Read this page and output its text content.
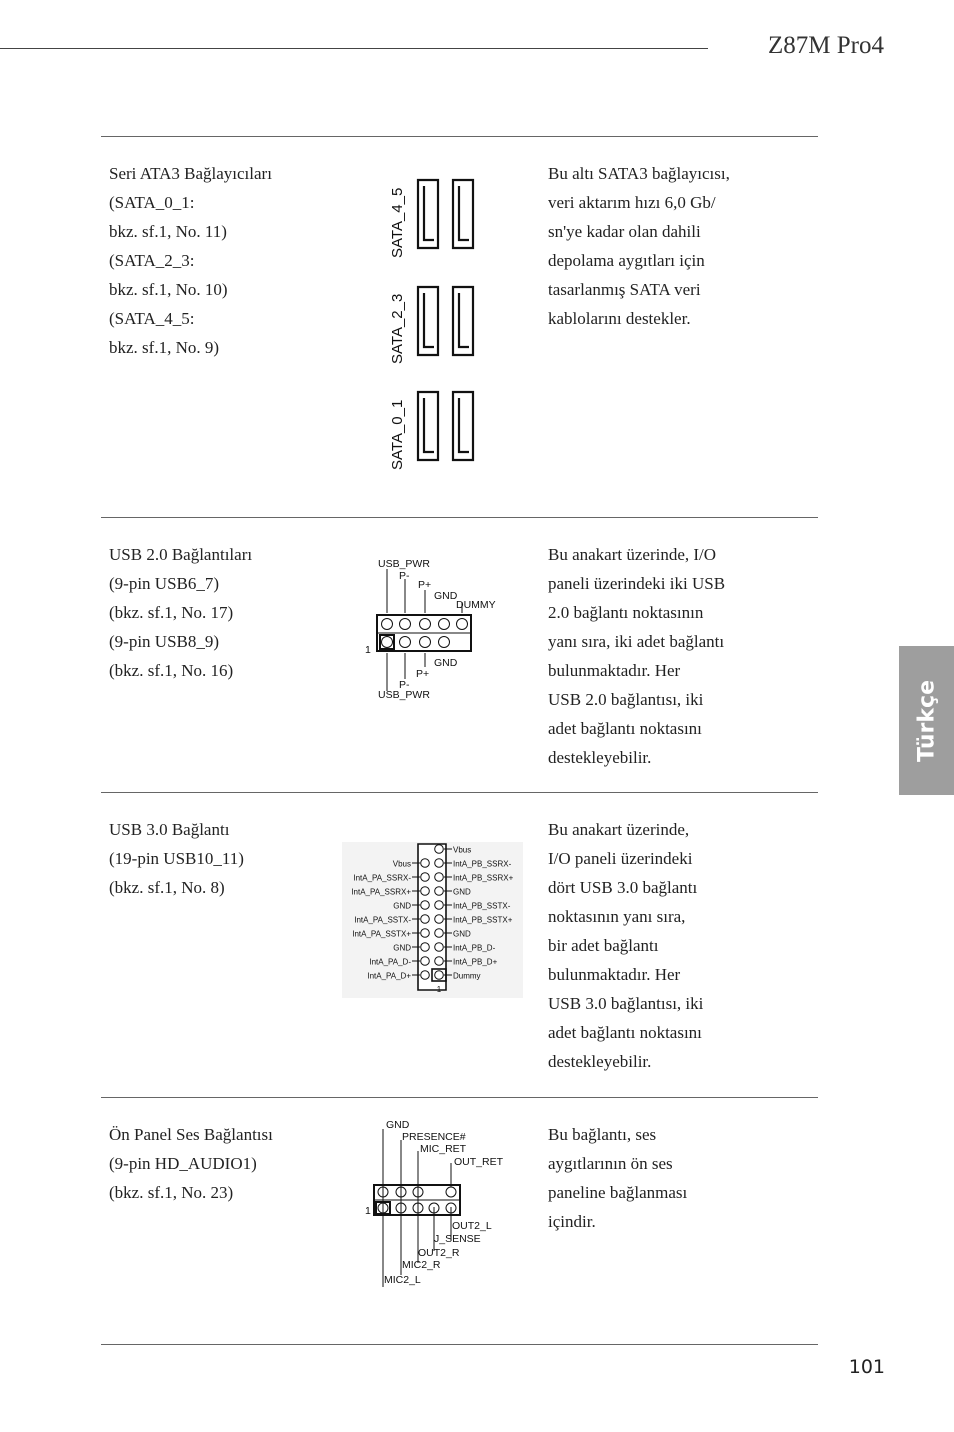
Z87M Pro4
Türkçe
Seri ATA3 Bağlayıcıları
(SATA_0_1:
bkz. sf.1, No. 11)
(SATA_2_3:
bkz. sf.1, No. 10)
(SATA_4_5:
bkz. sf.1, No. 9)
Bu altı SATA3 bağlayıcısı,
veri aktarım hızı 6,0 Gb/
sn'ye kadar olan dahili
depolama aygıtları için
tasarlanmış SATA veri
kablolarını destekler.
SATA_4_5
SATA_2_3
SATA_0_1
USB 2.0 Bağlantıları
(9-pin USB6_7)
(bkz. sf.1, No. 17)
(9-pin USB8_9)
(bkz. sf.1, No. 16)
Bu anakart üzerinde, I/O
paneli üzerindeki iki USB
2.0 bağlantı noktasının
yanı sıra, iki adet bağlantı
bulunmaktadır. Her
USB 2.0 bağlantısı, iki
adet bağlantı noktasını
destekleyebilir.
USB_PWR
P-
P+
GND
DUMMY
1
GND
P+
P-
USB_PWR
USB 3.0 Bağlantı
(19-pin USB10_11)
(bkz. sf.1, No. 8)
Bu anakart üzerinde,
I/O paneli üzerindeki
dört USB 3.0 bağlantı
noktasının yanı sıra,
bir adet bağlantı
bulunmaktadır. Her
USB 3.0 bağlantısı, iki
adet bağlantı noktasını
destekleyebilir.
Vbus
IntA_PB_SSRX-
IntA_PB_SSRX+
GND
IntA_PB_SSTX-
IntA_PB_SSTX+
GND
IntA_PB_D-
IntA_PB_D+
Dummy
Vbus
IntA_PA_SSRX-
IntA_PA_SSRX+
GND
IntA_PA_SSTX-
IntA_PA_SSTX+
GND
IntA_PA_D-
IntA_PA_D+
1
Ön Panel Ses Bağlantısı
(9-pin HD_AUDIO1)
(bkz. sf.1, No. 23)
Bu bağlantı, ses
aygıtlarının ön ses
paneline bağlanması
içindir.
GND
PRESENCE#
MIC_RET
OUT_RET
1
OUT2_L
J_SENSE
OUT2_R
MIC2_R
MIC2_L
101
